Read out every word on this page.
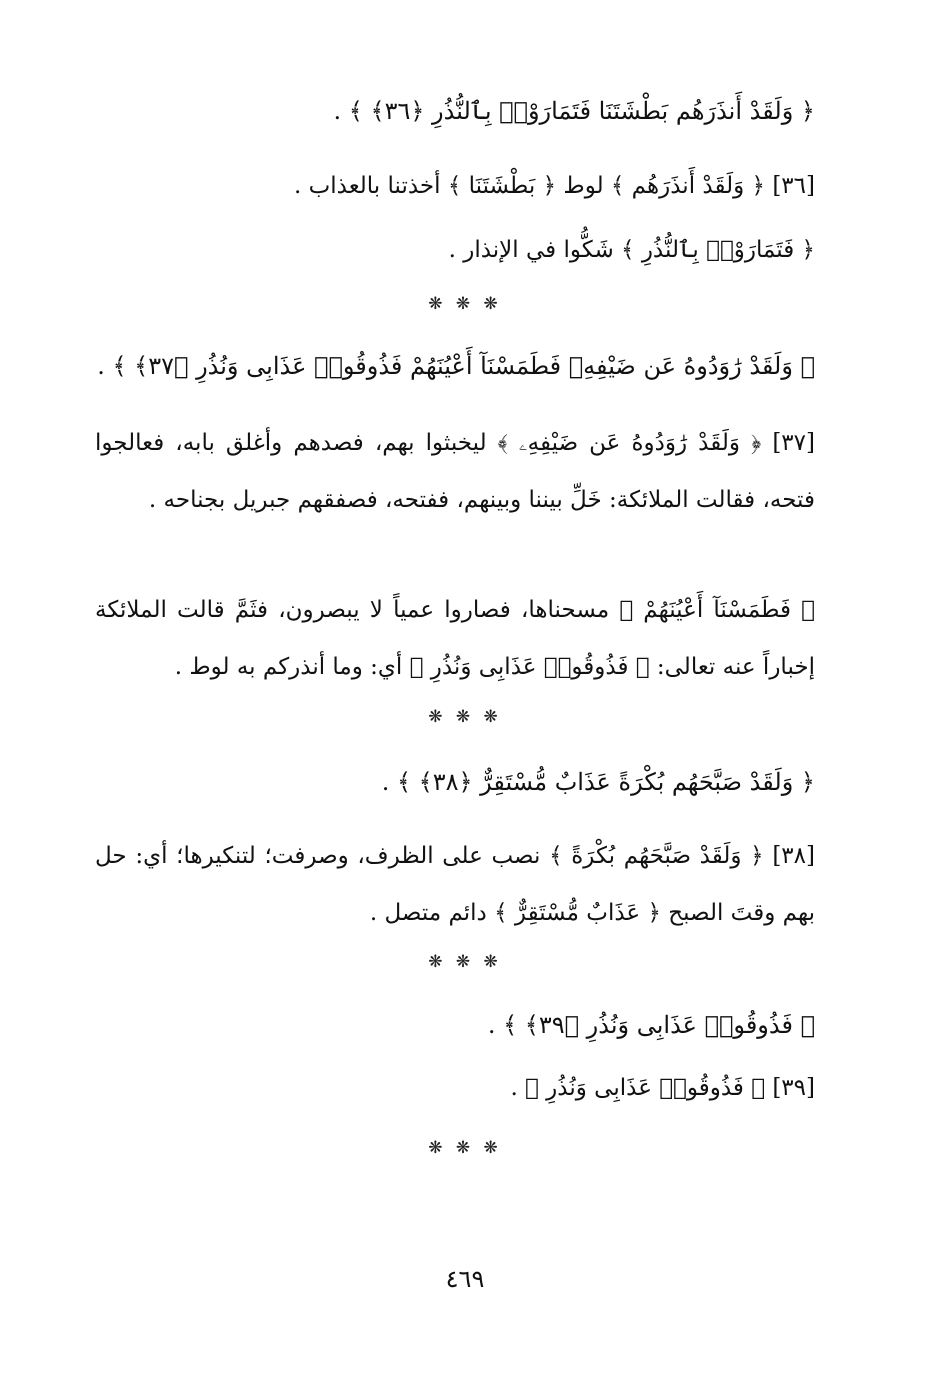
﴿ وَلَقَدْ أَنذَرَهُم بَطْشَتَنَا فَتَمَارَوْا۟ بِٱلنُّذُرِ ﴿٣٦﴾ ﴾ .
[٣٦] ﴿ وَلَقَدْ أَنذَرَهُم ﴾ لوط ﴿ بَطْشَتَنَا ﴾ أخذتنا بالعذاب .
﴿ فَتَمَارَوْا۟ بِٱلنُّذُرِ ﴾ شَكُّوا في الإنذار .
❋ ❋ ❋
﴿ وَلَقَدْ رَٰوَدُوهُ عَن ضَيْفِهِۦ فَطَمَسْنَآ أَعْيُنَهُمْ فَذُوقُوا۟ عَذَابِى وَنُذُرِ ﴿٣٧﴾ ﴾ .
[٣٧] ﴿ وَلَقَدْ رَٰوَدُوهُ عَن ضَيْفِهِۦ ﴾ ليخبثوا بهم، فصدهم وأغلق بابه، فعالجوا فتحه، فقالت الملائكة: خَلِّ بيننا وبينهم، ففتحه، فصفقهم جبريل بجناحه .
﴿ فَطَمَسْنَآ أَعْيُنَهُمْ ﴾ مسحناها، فصاروا عمياً لا يبصرون، فثَمَّ قالت الملائكة إخباراً عنه تعالى: ﴿ فَذُوقُوا۟ عَذَابِى وَنُذُرِ ﴾ أي: وما أنذركم به لوط .
❋ ❋ ❋
﴿ وَلَقَدْ صَبَّحَهُم بُكْرَةً عَذَابٌ مُّسْتَقِرٌّ ﴿٣٨﴾ ﴾ .
[٣٨] ﴿ وَلَقَدْ صَبَّحَهُم بُكْرَةً ﴾ نصب على الظرف، وصرفت؛ لتنكيرها؛ أي: حل بهم وقتَ الصبح ﴿ عَذَابٌ مُّسْتَقِرٌّ ﴾ دائم متصل .
❋ ❋ ❋
﴿ فَذُوقُوا۟ عَذَابِى وَنُذُرِ ﴿٣٩﴾ ﴾ .
[٣٩] ﴿ فَذُوقُوا۟ عَذَابِى وَنُذُرِ ﴾ .
❋ ❋ ❋
٤٦٩
